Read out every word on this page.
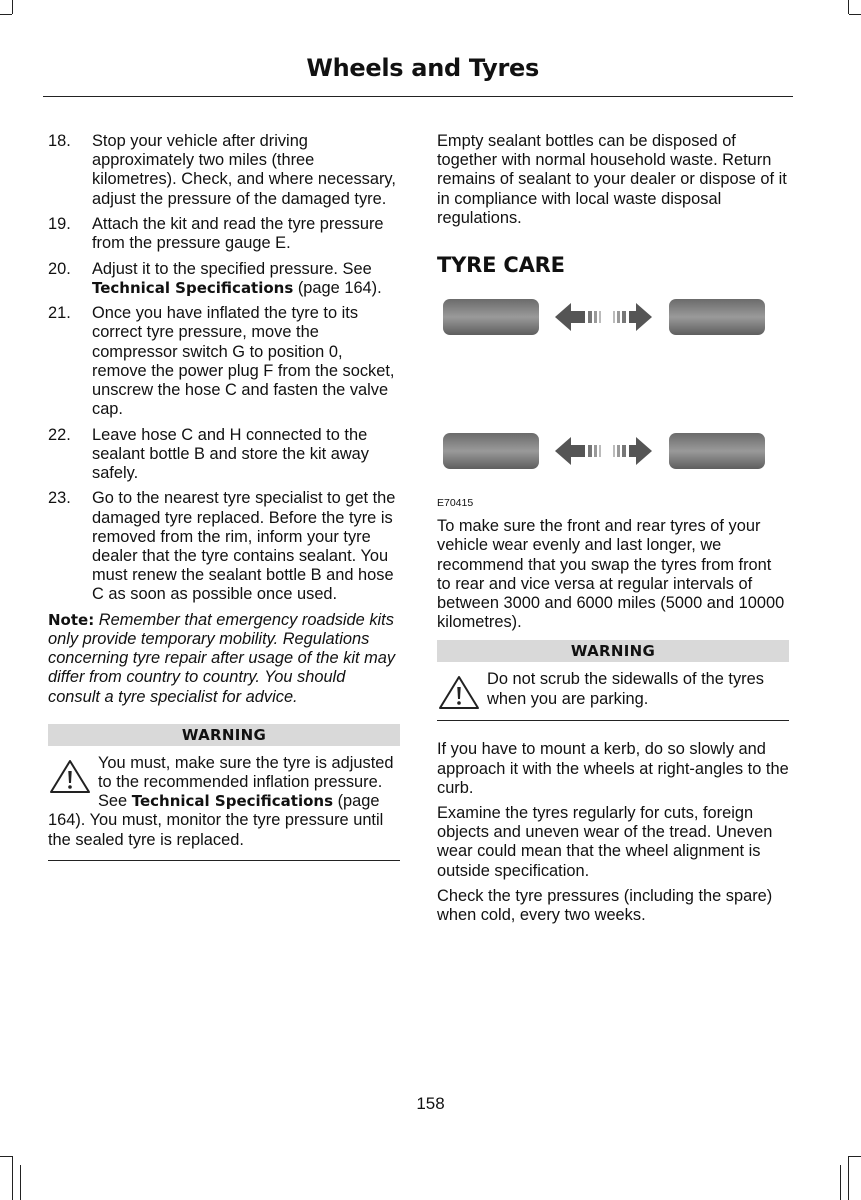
Wheels and Tyres
18.	Stop your vehicle after driving approximately two miles (three kilometres). Check, and where necessary, adjust the pressure of the damaged tyre.
19.	Attach the kit and read the tyre pressure from the pressure gauge E.
20.	Adjust it to the specified pressure. See Technical Specifications (page 164).
21.	Once you have inflated the tyre to its correct tyre pressure, move the compressor switch G to position 0, remove the power plug F from the socket, unscrew the hose C and fasten the valve cap.
22.	Leave hose C and H connected to the sealant bottle B and store the kit away safely.
23.	Go to the nearest tyre specialist to get the damaged tyre replaced. Before the tyre is removed from the rim, inform your tyre dealer that the tyre contains sealant. You must renew the sealant bottle B and hose C as soon as possible once used.

Note: Remember that emergency roadside kits only provide temporary mobility. Regulations concerning tyre repair after usage of the kit may differ from country to country. You should consult a tyre specialist for advice.

WARNING
You must, make sure the tyre is adjusted to the recommended inflation pressure. See Technical Specifications (page 164). You must, monitor the tyre pressure until the sealed tyre is replaced.

Empty sealant bottles can be disposed of together with normal household waste. Return remains of sealant to your dealer or dispose of it in compliance with local waste disposal regulations.

TYRE CARE
E70415

To make sure the front and rear tyres of your vehicle wear evenly and last longer, we recommend that you swap the tyres from front to rear and vice versa at regular intervals of between 3000 and 6000 miles (5000 and 10000 kilometres).

WARNING
Do not scrub the sidewalls of the tyres when you are parking.

If you have to mount a kerb, do so slowly and approach it with the wheels at right-angles to the curb.

Examine the tyres regularly for cuts, foreign objects and uneven wear of the tread. Uneven wear could mean that the wheel alignment is outside specification.

Check the tyre pressures (including the spare) when cold, every two weeks.

158
